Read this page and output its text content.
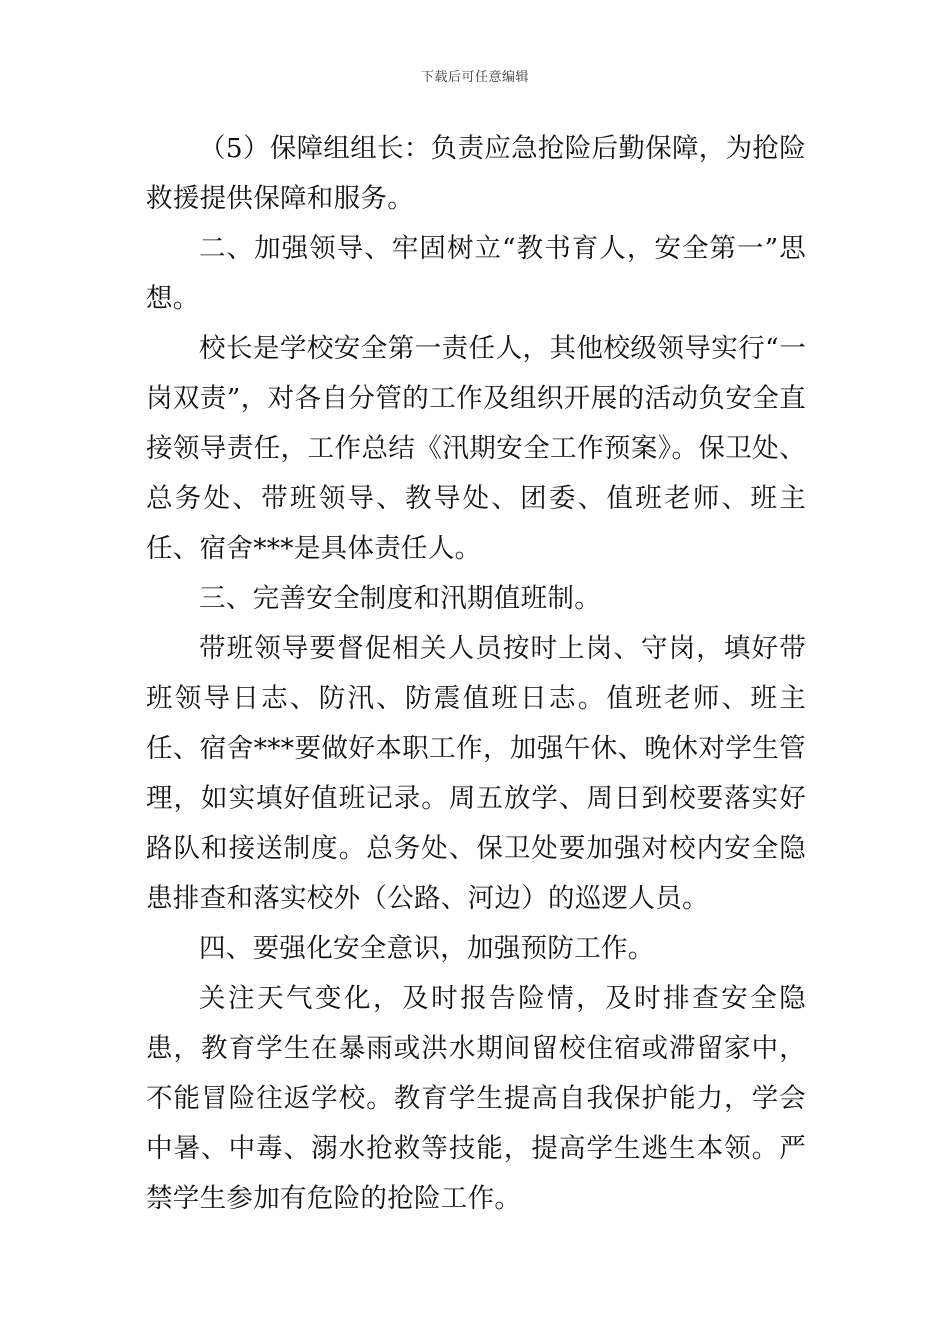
下载后可任意编辑

（5）保障组组长：负责应急抢险后勤保障，为抢险救援提供保障和服务。

二、加强领导、牢固树立“教书育人，安全第一”思想。

校长是学校安全第一责任人，其他校级领导实行“一岗双责”，对各自分管的工作及组织开展的活动负安全直接领导责任，工作总结《汛期安全工作预案》。保卫处、总务处、带班领导、教导处、团委、值班老师、班主任、宿舍***是具体责任人。

三、完善安全制度和汛期值班制。

带班领导要督促相关人员按时上岗、守岗，填好带班领导日志、防汛、防震值班日志。值班老师、班主任、宿舍***要做好本职工作，加强午休、晚休对学生管理，如实填好值班记录。周五放学、周日到校要落实好路队和接送制度。总务处、保卫处要加强对校内安全隐患排查和落实校外（公路、河边）的巡逻人员。

四、要强化安全意识，加强预防工作。

关注天气变化，及时报告险情，及时排查安全隐患，教育学生在暴雨或洪水期间留校住宿或滞留家中，不能冒险往返学校。教育学生提高自我保护能力，学会中暑、中毒、溺水抢救等技能，提高学生逃生本领。严禁学生参加有危险的抢险工作。
